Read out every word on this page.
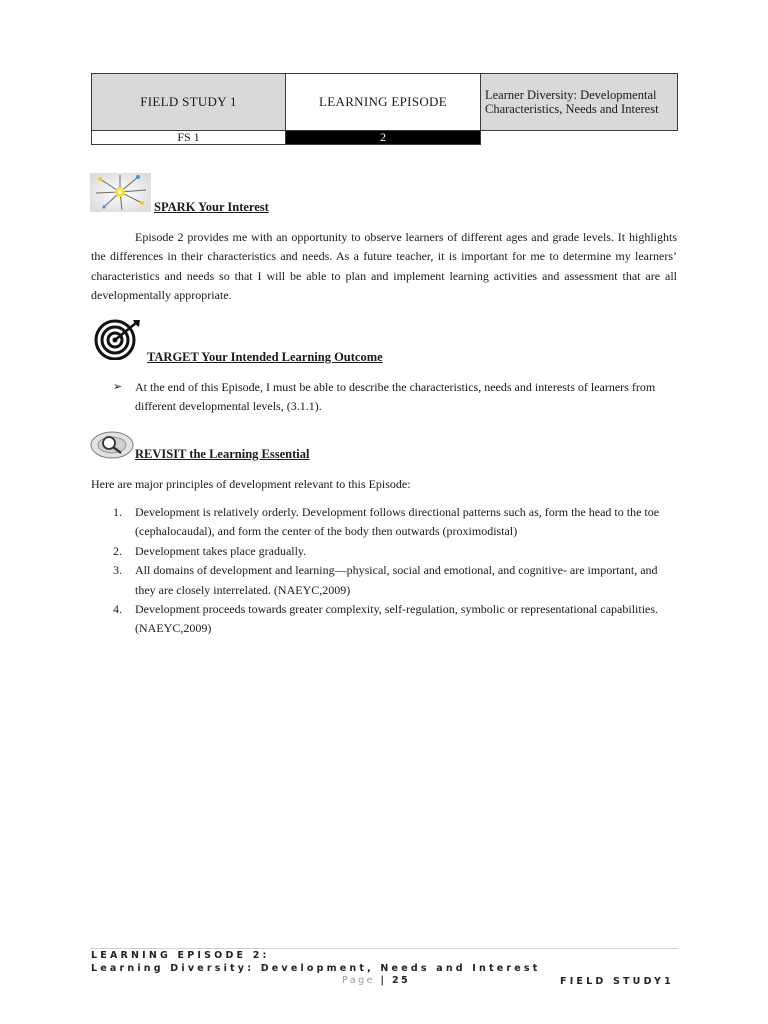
FIELD STUDY 1	LEARNING EPISODE	Learner Diversity: Developmental Characteristics, Needs and Interest
FS 1	2	
SPARK Your Interest
Episode 2 provides me with an opportunity to observe learners of different ages and grade levels. It highlights the differences in their characteristics and needs. As a future teacher, it is important for me to determine my learners’ characteristics and needs so that I will be able to plan and implement learning activities and assessment that are all developmentally appropriate.
TARGET Your Intended Learning Outcome
➢ At the end of this Episode, I must be able to describe the characteristics, needs and interests of learners from different developmental levels, (3.1.1).
REVISIT the Learning Essential
Here are major principles of development relevant to this Episode:
1. Development is relatively orderly. Development follows directional patterns such as, form the head to the toe (cephalocaudal), and form the center of the body then outwards (proximodistal)
2. Development takes place gradually.
3. All domains of development and learning—physical, social and emotional, and cognitive- are important, and they are closely interrelated. (NAEYC,2009)
4. Development proceeds towards greater complexity, self-regulation, symbolic or representational capabilities. (NAEYC,2009)
LEARNING EPISODE 2:
Learning Diversity: Development, Needs and Interest
Page | 25	FIELD STUDY1
